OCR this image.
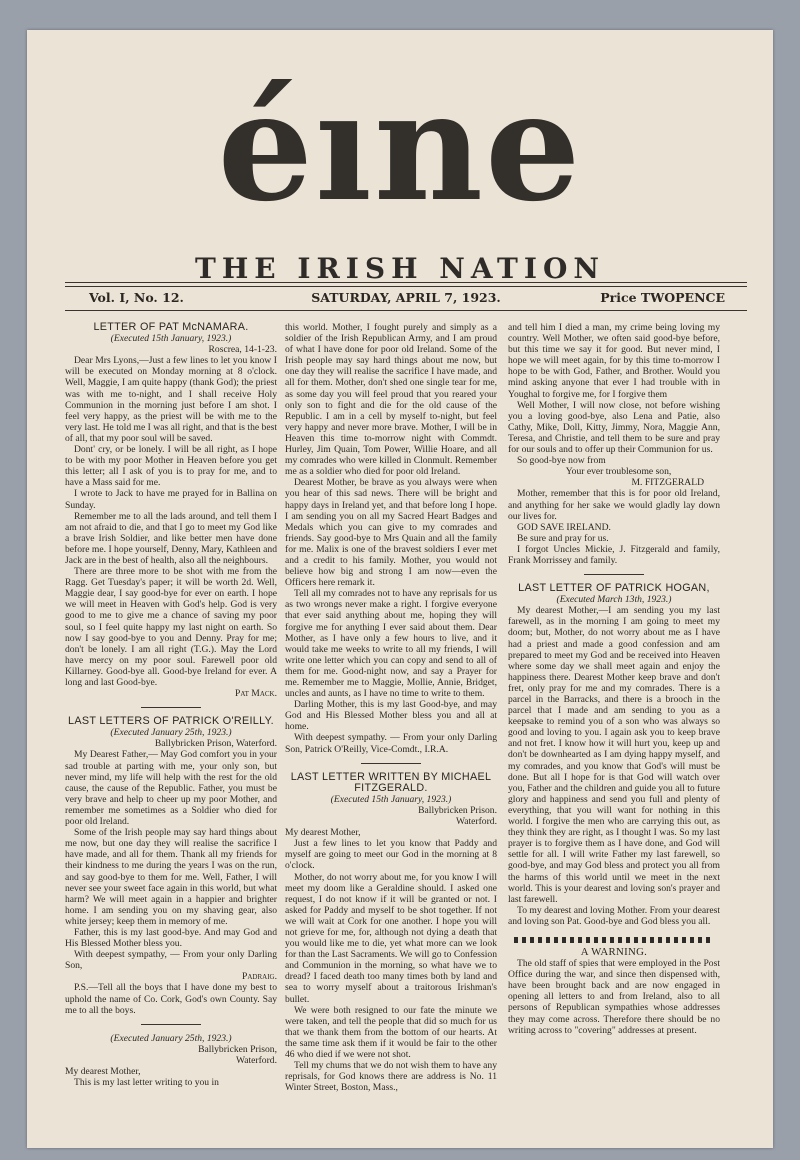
éıne
THE IRISH NATION
Vol. I, No. 12.	SATURDAY, APRIL 7, 1923.	Price TWOPENCE

LETTER OF PAT McNAMARA.

(Executed 15th January, 1923.)

Roscrea, 14-1-23.

Dear Mrs Lyons,—Just a few lines to let you know I will be executed on Monday morning at 8 o'clock. Well, Maggie, I am quite happy (thank God); the priest was with me to-night, and I shall receive Holy Communion in the morning just before I am shot. I feel very happy, as the priest will be with me to the very last. He told me I was all right, and that is the best of all, that my poor soul will be saved.

Dont' cry, or be lonely. I will be all right, as I hope to be with my poor Mother in Heaven before you get this letter; all I ask of you is to pray for me, and to have a Mass said for me.

I wrote to Jack to have me prayed for in Ballina on Sunday.

Remember me to all the lads around, and tell them I am not afraid to die, and that I go to meet my God like a brave Irish Soldier, and like better men have done before me. I hope yourself, Denny, Mary, Kathleen and Jack are in the best of health, also all the neighbours.

There are three more to be shot with me from the Ragg. Get Tuesday's paper; it will be worth 2d. Well, Maggie dear, I say good-bye for ever on earth. I hope we will meet in Heaven with God's help. God is very good to me to give me a chance of saving my poor soul, so I feel quite happy my last night on earth. So now I say good-bye to you and Denny. Pray for me; don't be lonely. I am all right (T.G.). May the Lord have mercy on my poor soul. Farewell poor old Killarney. Good-bye all. Good-bye Ireland for ever. A long and last Good-bye.

Pat Mack.

LAST LETTERS OF PATRICK O'REILLY.

(Executed January 25th, 1923.)

Ballybricken Prison, Waterford.

My Dearest Father,— May God comfort you in your sad trouble at parting with me, your only son, but never mind, my life will help with the rest for the old cause, the cause of the Republic. Father, you must be very brave and help to cheer up my poor Mother, and remember me sometimes as a Soldier who died for poor old Ireland.

Some of the Irish people may say hard things about me now, but one day they will realise the sacrifice I have made, and all for them. Thank all my friends for their kindness to me during the years I was on the run, and say good-bye to them for me. Well, Father, I will never see your sweet face again in this world, but what harm? We will meet again in a happier and brighter home. I am sending you on my shaving gear, also white jersey; keep them in memory of me.

Father, this is my last good-bye. And may God and His Blessed Mother bless you.

With deepest sympathy, — From your only Darling Son,

Padraig.

P.S.—Tell all the boys that I have done my best to uphold the name of Co. Cork, God's own County. Say me to all the boys.

(Executed January 25th, 1923.)

Ballybricken Prison,

Waterford.

My dearest Mother,

This is my last letter writing to you in

this world. Mother, I fought purely and simply as a soldier of the Irish Republican Army, and I am proud of what I have done for poor old Ireland. Some of the Irish people may say hard things about me now, but one day they will realise the sacrifice I have made, and all for them. Mother, don't shed one single tear for me, as some day you will feel proud that you reared your only son to fight and die for the old cause of the Republic. I am in a cell by myself to-night, but feel very happy and never more brave. Mother, I will be in Heaven this time to-morrow night with Commdt. Hurley, Jim Quain, Tom Power, Willie Hoare, and all my comrades who were killed in Clonmult. Remember me as a soldier who died for poor old Ireland.

Dearest Mother, be brave as you always were when you hear of this sad news. There will be bright and happy days in Ireland yet, and that before long I hope. I am sending you on all my Sacred Heart Badges and Medals which you can give to my comrades and friends. Say good-bye to Mrs Quain and all the family for me. Malix is one of the bravest soldiers I ever met and a credit to his family. Mother, you would not believe how big and strong I am now—even the Officers here remark it.

Tell all my comrades not to have any reprisals for us as two wrongs never make a right. I forgive everyone that ever said anything about me, hoping they will forgive me for anything I ever said about them. Dear Mother, as I have only a few hours to live, and it would take me weeks to write to all my friends, I will write one letter which you can copy and send to all of them for me. Good-night now, and say a Prayer for me. Remember me to Maggie, Mollie, Annie, Bridget, uncles and aunts, as I have no time to write to them.

Darling Mother, this is my last Good-bye, and may God and His Blessed Mother bless you and all at home.

With deepest sympathy. — From your only Darling Son, Patrick O'Reilly, Vice-Comdt., I.R.A.

LAST LETTER WRITTEN BY MICHAEL FITZGERALD.

(Executed 15th January, 1923.)

Ballybricken Prison.

Waterford.

My dearest Mother,

Just a few lines to let you know that Paddy and myself are going to meet our God in the morning at 8 o'clock.

Mother, do not worry about me, for you know I will meet my doom like a Geraldine should. I asked one request, I do not know if it will be granted or not. I asked for Paddy and myself to be shot together. If not we will wait at Cork for one another. I hope you will not grieve for me, for, although not dying a death that you would like me to die, yet what more can we look for than the Last Sacraments. We will go to Confession and Communion in the morning, so what have we to dread? I faced death too many times both by land and sea to worry myself about a traitorous Irishman's bullet.

We were both resigned to our fate the minute we were taken, and tell the people that did so much for us that we thank them from the bottom of our hearts. At the same time ask them if it would be fair to the other 46 who died if we were not shot.

Tell my chums that we do not wish them to have any reprisals, for God knows there are address is No. 11 Winter Street, Boston, Mass.,

and tell him I died a man, my crime being loving my country. Well Mother, we often said good-bye before, but this time we say it for good. But never mind, I hope we will meet again, for by this time to-morrow I hope to be with God, Father, and Brother. Would you mind asking anyone that ever I had trouble with in Youghal to forgive me, for I forgive them

Well Mother, I will now close, not before wishing you a loving good-bye, also Lena and Patie, also Cathy, Mike, Doll, Kitty, Jimmy, Nora, Maggie Ann, Teresa, and Christie, and tell them to be sure and pray for our souls and to offer up their Communion for us.

So good-bye now from

Your ever troublesome son,

M. FITZGERALD

Mother, remember that this is for poor old Ireland, and anything for her sake we would gladly lay down our lives for.

GOD SAVE IRELAND.

Be sure and pray for us.

I forgot Uncles Mickie, J. Fitzgerald and family, Frank Morrissey and family.

LAST LETTER OF PATRICK HOGAN,

(Executed March 13th, 1923.)

My dearest Mother,—I am sending you my last farewell, as in the morning I am going to meet my doom; but, Mother, do not worry about me as I have had a priest and made a good confession and am prepared to meet my God and be received into Heaven where some day we shall meet again and enjoy the happiness there. Dearest Mother keep brave and don't fret, only pray for me and my comrades. There is a parcel in the Barracks, and there is a brooch in the parcel that I made and am sending to you as a keepsake to remind you of a son who was always so good and loving to you. I again ask you to keep brave and not fret. I know how it will hurt you, keep up and don't be downhearted as I am dying happy myself, and my comrades, and you know that God's will must be done. But all I hope for is that God will watch over you, Father and the children and guide you all to future glory and happiness and send you full and plenty of everything, that you will want for nothing in this world. I forgive the men who are carrying this out, as they think they are right, as I thought I was. So my last prayer is to forgive them as I have done, and God will settle for all. I will write Father my last farewell, so good-bye, and may God bless and protect you all from the harms of this world until we meet in the next world. This is your dearest and loving son's prayer and last farewell.

To my dearest and loving Mother. From your dearest and loving son Pat. Good-bye and God bless you all.

A WARNING.

The old staff of spies that were employed in the Post Office during the war, and since then dispensed with, have been brought back and are now engaged in opening all letters to and from Ireland, also to all persons of Republican sympathies whose addresses they may come across. Therefore there should be no writing across to "covering" addresses at present.
